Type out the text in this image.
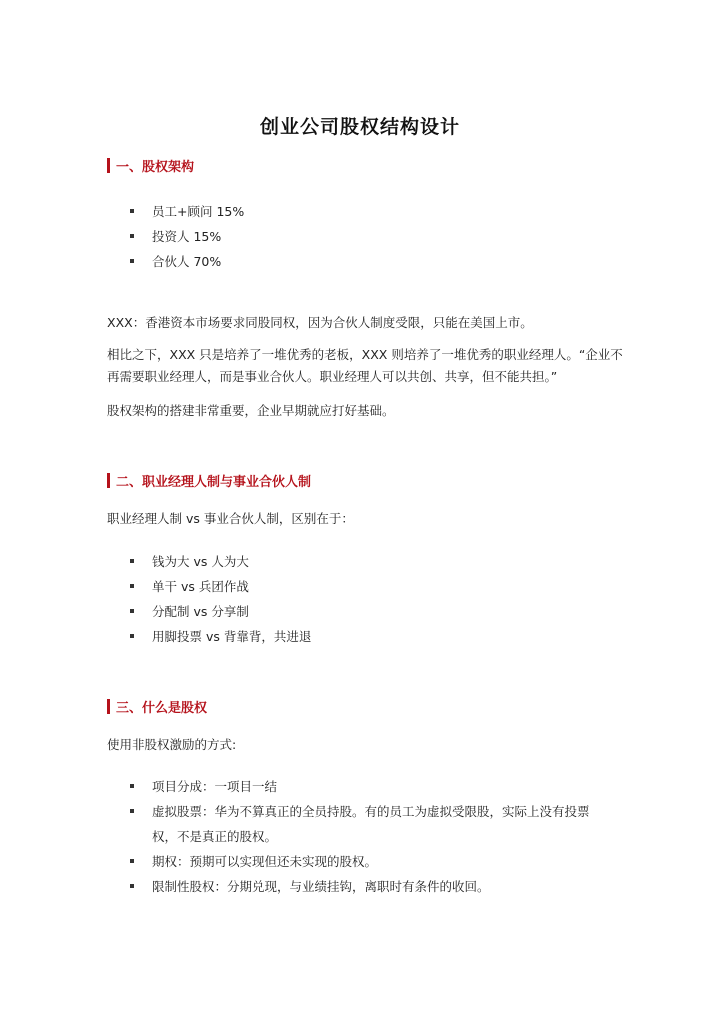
创业公司股权结构设计
一、股权架构
员工+顾问 15%
投资人 15%
合伙人 70%

XXX：香港资本市场要求同股同权，因为合伙人制度受限，只能在美国上市。

相比之下，XXX 只是培养了一堆优秀的老板，XXX 则培养了一堆优秀的职业经理人。“企业不再需要职业经理人，而是事业合伙人。职业经理人可以共创、共享，但不能共担。”

股权架构的搭建非常重要，企业早期就应打好基础。

二、职业经理人制与事业合伙人制

职业经理人制 vs 事业合伙人制，区别在于：

钱为大 vs 人为大
单干 vs 兵团作战
分配制 vs 分享制
用脚投票 vs 背靠背，共进退
三、什么是股权

使用非股权激励的方式:

项目分成：一项目一结
虚拟股票：华为不算真正的全员持股。有的员工为虚拟受限股，实际上没有投票权，不是真正的股权。
期权：预期可以实现但还未实现的股权。
限制性股权：分期兑现，与业绩挂钩，离职时有条件的收回。
